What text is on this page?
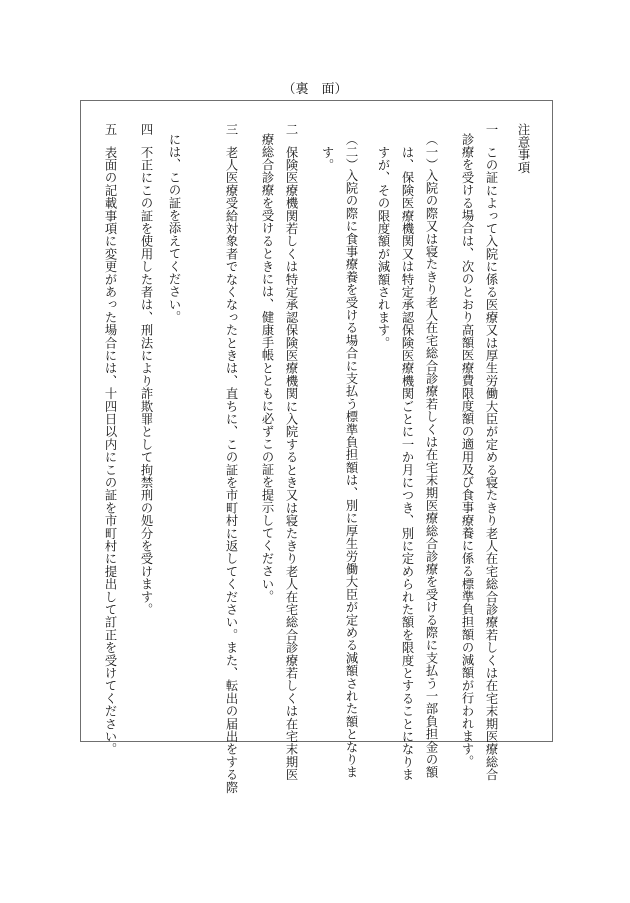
（裏　面）
注意事項
一
この証によって入院に係る医療又は厚生労働大臣が定める寝たきり老人在宅総合診療若しくは在宅末期医療総合
診療を受ける場合は、次のとおり高額医療費限度額の適用及び食事療養に係る標準負担額の減額が行われます。
（一）
入院の際又は寝たきり老人在宅総合診療若しくは在宅末期医療総合診療を受ける際に支払う一部負担金の額
は、保険医療機関又は特定承認保険医療機関ごとに一か月につき、別に定められた額を限度とすることになりま
すが、その限度額が減額されます。
（二）
入院の際に食事療養を受ける場合に支払う標準負担額は、別に厚生労働大臣が定める減額された額となりま
す。
二
保険医療機関若しくは特定承認保険医療機関に入院するとき又は寝たきり老人在宅総合診療若しくは在宅末期医
療総合診療を受けるときには、健康手帳とともに必ずこの証を提示してください。
三
老人医療受給対象者でなくなったときは、直ちに、この証を市町村に返してください。また、転出の届出をする際
には、この証を添えてください。
四
不正にこの証を使用した者は、刑法により詐欺罪として拘禁刑の処分を受けます。
五
表面の記載事項に変更があった場合には、十四日以内にこの証を市町村に提出して訂正を受けてください。
